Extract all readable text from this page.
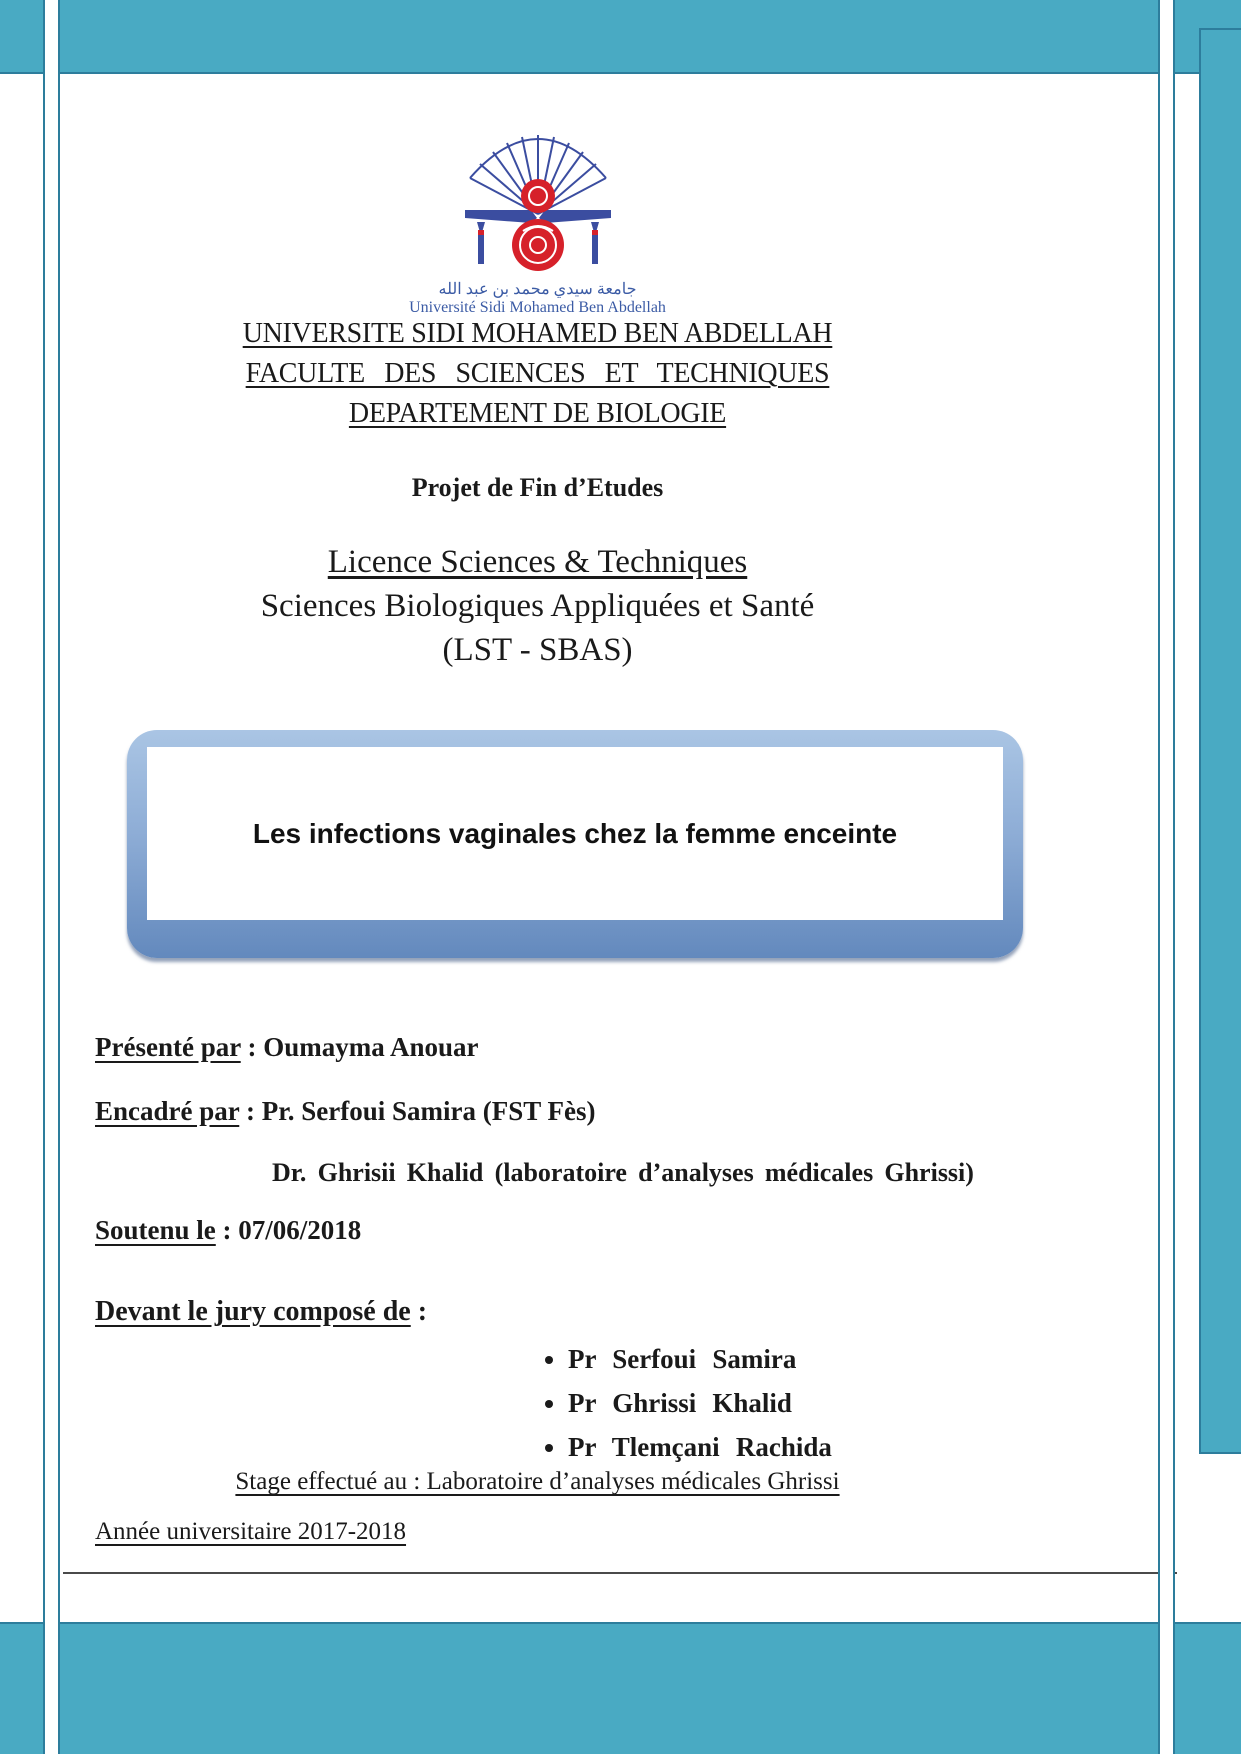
جامعة سيدي محمد بن عبد الله
Université Sidi Mohamed Ben Abdellah
UNIVERSITE SIDI MOHAMED BEN ABDELLAH
FACULTE DES SCIENCES ET TECHNIQUES
DEPARTEMENT DE BIOLOGIE
Projet de Fin d’Etudes
Licence Sciences & Techniques
Sciences Biologiques Appliquées et Santé
(LST - SBAS)
Présenté par : Oumayma Anouar
Encadré par : Pr. Serfoui Samira (FST Fès)
Dr. Ghrisii Khalid (laboratoire d’analyses médicales Ghrissi)
Soutenu le : 07/06/2018
Devant le jury composé de :
Stage effectué au : Laboratoire d’analyses médicales Ghrissi
Année universitaire 2017-2018
• Pr Serfoui Samira
• Pr Ghrissi Khalid
• Pr Tlemçani Rachida
Les infections vaginales chez la femme enceinte
